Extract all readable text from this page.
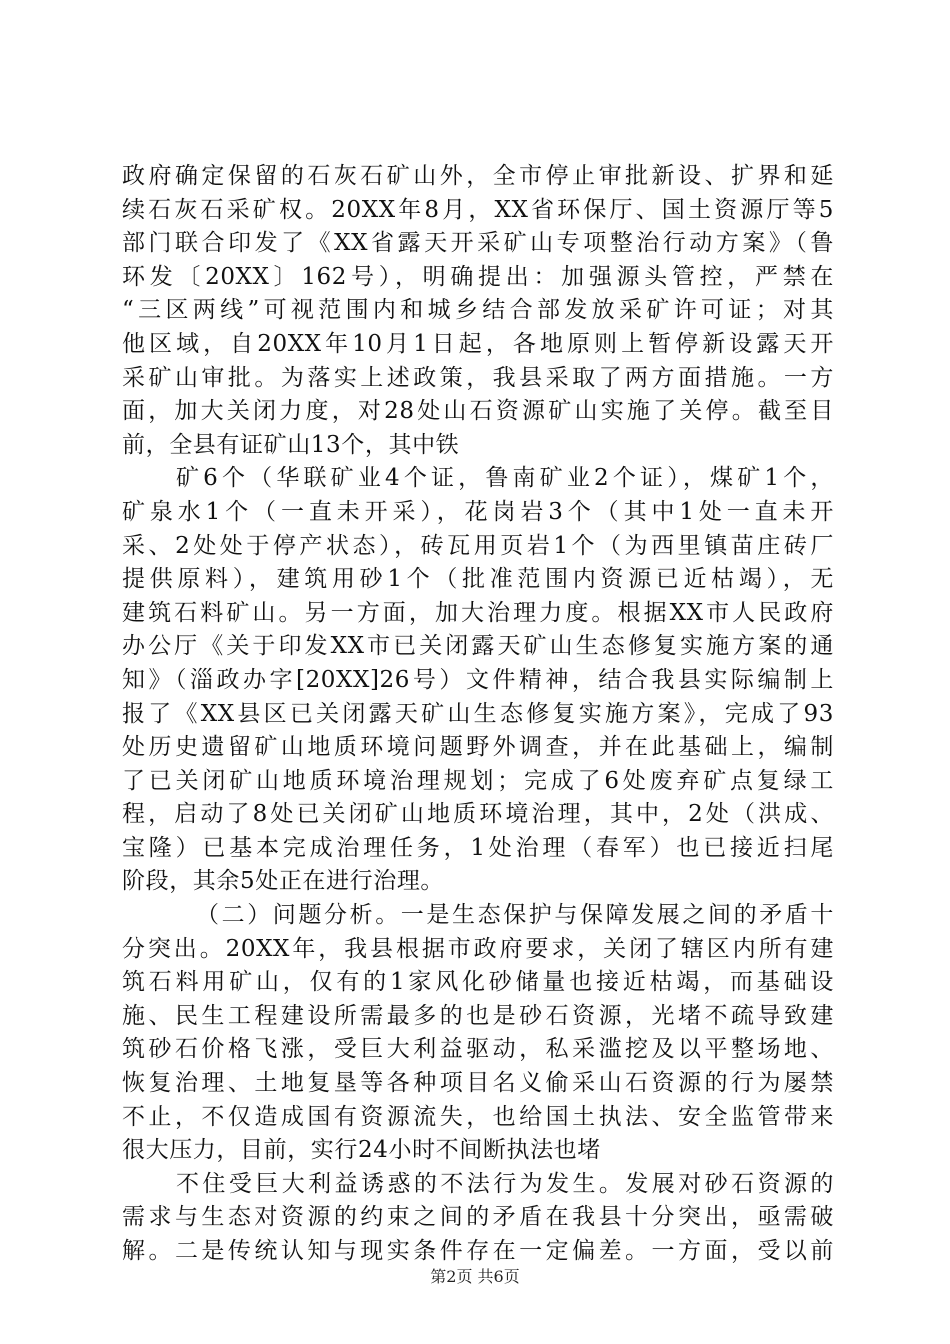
政府确定保留的石灰石矿山外，全市停止审批新设、扩界和延
续石灰石采矿权。20XX年8月，XX省环保厅、国土资源厅等5
部门联合印发了《XX省露天开采矿山专项整治行动方案》（鲁
环发〔20XX〕162号），明确提出：加强源头管控，严禁在
“三区两线”可视范围内和城乡结合部发放采矿许可证；对其
他区域，自20XX年10月1日起，各地原则上暂停新设露天开
采矿山审批。为落实上述政策，我县采取了两方面措施。一方
面，加大关闭力度，对28处山石资源矿山实施了关停。截至目
前，全县有证矿山13个，其中铁
矿6个（华联矿业4个证，鲁南矿业2个证），煤矿1个，
矿泉水1个（一直未开采），花岗岩3个（其中1处一直未开
采、2处处于停产状态），砖瓦用页岩1个（为西里镇苗庄砖厂
提供原料），建筑用砂1个（批准范围内资源已近枯竭），无
建筑石料矿山。另一方面，加大治理力度。根据XX市人民政府
办公厅《关于印发XX市已关闭露天矿山生态修复实施方案的通
知》（淄政办字[20XX]26号）文件精神，结合我县实际编制上
报了《XX县区已关闭露天矿山生态修复实施方案》，完成了93
处历史遗留矿山地质环境问题野外调查，并在此基础上，编制
了已关闭矿山地质环境治理规划；完成了6处废弃矿点复绿工
程，启动了8处已关闭矿山地质环境治理，其中，2处（洪成、
宝隆）已基本完成治理任务，1处治理（春军）也已接近扫尾
阶段，其余5处正在进行治理。
（二）问题分析。一是生态保护与保障发展之间的矛盾十
分突出。20XX年，我县根据市政府要求，关闭了辖区内所有建
筑石料用矿山，仅有的1家风化砂储量也接近枯竭，而基础设
施、民生工程建设所需最多的也是砂石资源，光堵不疏导致建
筑砂石价格飞涨，受巨大利益驱动，私采滥挖及以平整场地、
恢复治理、土地复垦等各种项目名义偷采山石资源的行为屡禁
不止，不仅造成国有资源流失，也给国土执法、安全监管带来
很大压力，目前，实行24小时不间断执法也堵
不住受巨大利益诱惑的不法行为发生。发展对砂石资源的
需求与生态对资源的约束之间的矛盾在我县十分突出，亟需破
解。二是传统认知与现实条件存在一定偏差。一方面，受以前
第2页 共6页
